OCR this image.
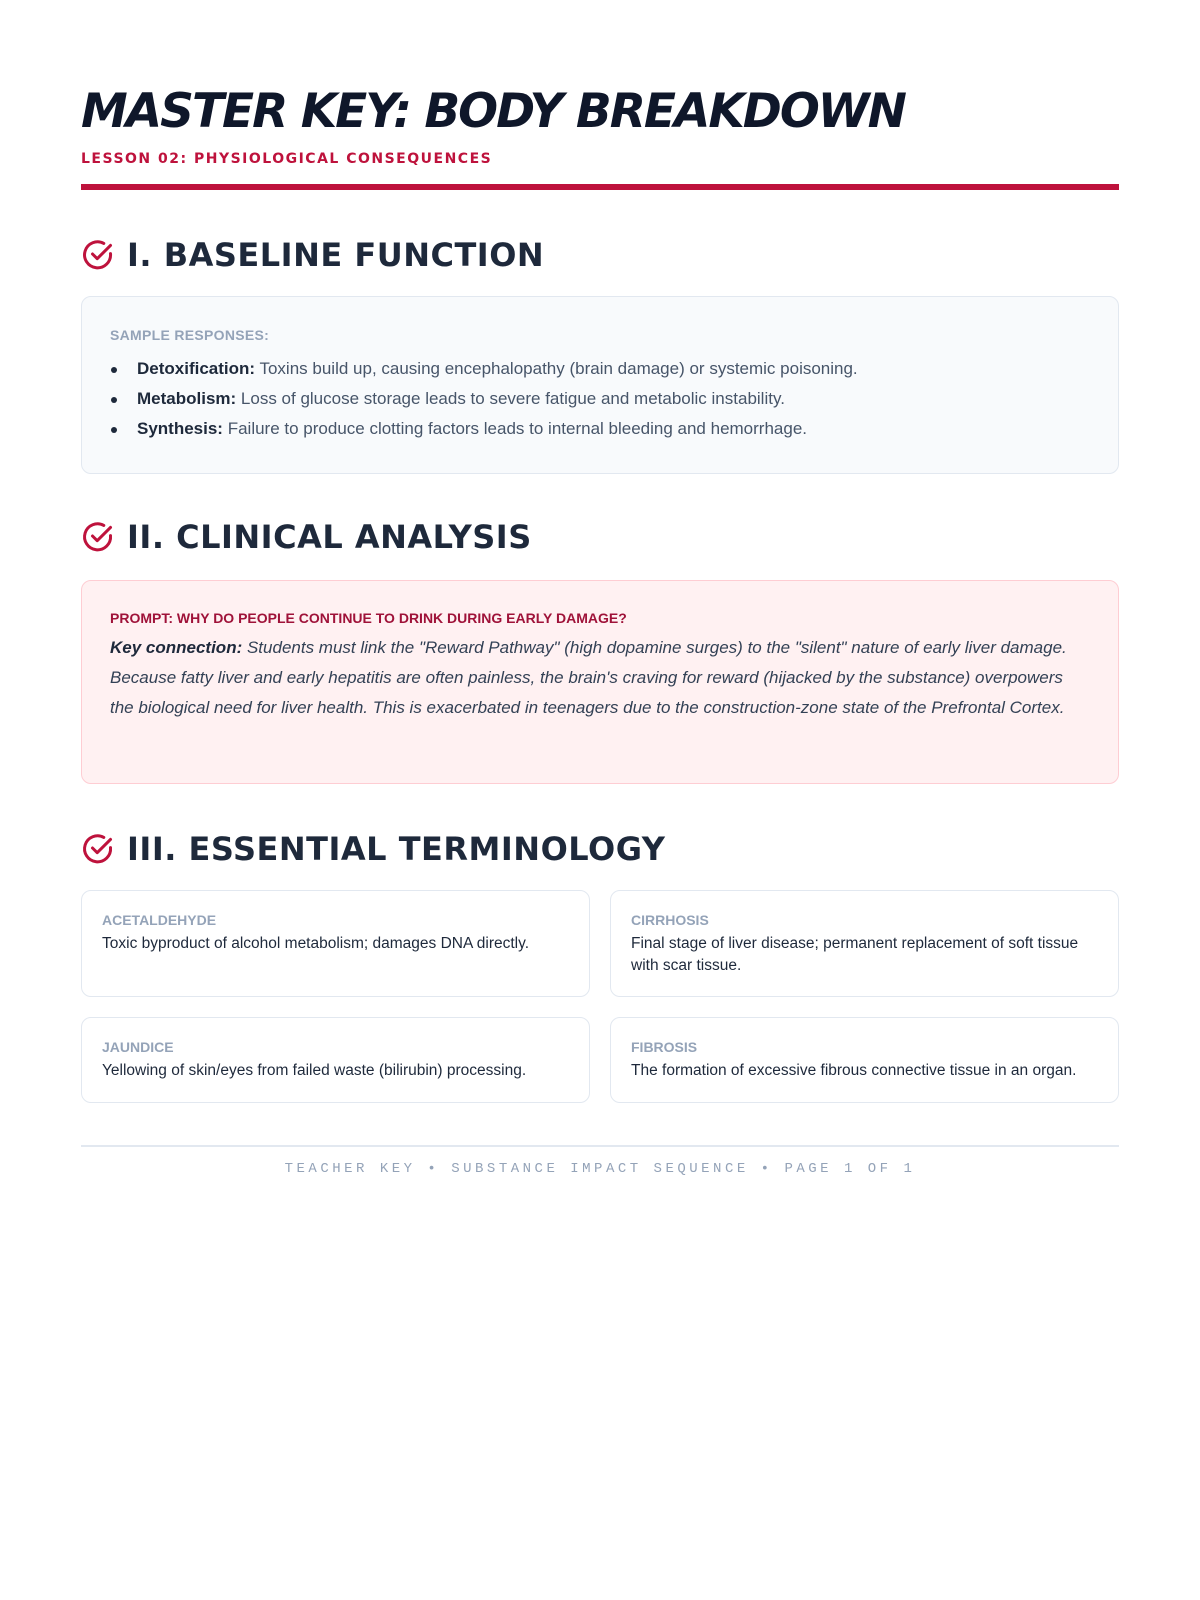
MASTER KEY: BODY BREAKDOWN
LESSON 02: PHYSIOLOGICAL CONSEQUENCES
I. BASELINE FUNCTION
SAMPLE RESPONSES:
Detoxification: Toxins build up, causing encephalopathy (brain damage) or systemic poisoning.
Metabolism: Loss of glucose storage leads to severe fatigue and metabolic instability.
Synthesis: Failure to produce clotting factors leads to internal bleeding and hemorrhage.
II. CLINICAL ANALYSIS
PROMPT: WHY DO PEOPLE CONTINUE TO DRINK DURING EARLY DAMAGE?

Key connection: Students must link the "Reward Pathway" (high dopamine surges) to the "silent" nature of early liver damage. Because fatty liver and early hepatitis are often painless, the brain's craving for reward (hijacked by the substance) overpowers the biological need for liver health. This is exacerbated in teenagers due to the construction-zone state of the Prefrontal Cortex.

III. ESSENTIAL TERMINOLOGY
ACETALDEHYDE
Toxic byproduct of alcohol metabolism; damages DNA directly.
CIRRHOSIS
Final stage of liver disease; permanent replacement of soft tissue with scar tissue.
JAUNDICE
Yellowing of skin/eyes from failed waste (bilirubin) processing.
FIBROSIS
The formation of excessive fibrous connective tissue in an organ.
TEACHER KEY • SUBSTANCE IMPACT SEQUENCE • PAGE 1 OF 1
